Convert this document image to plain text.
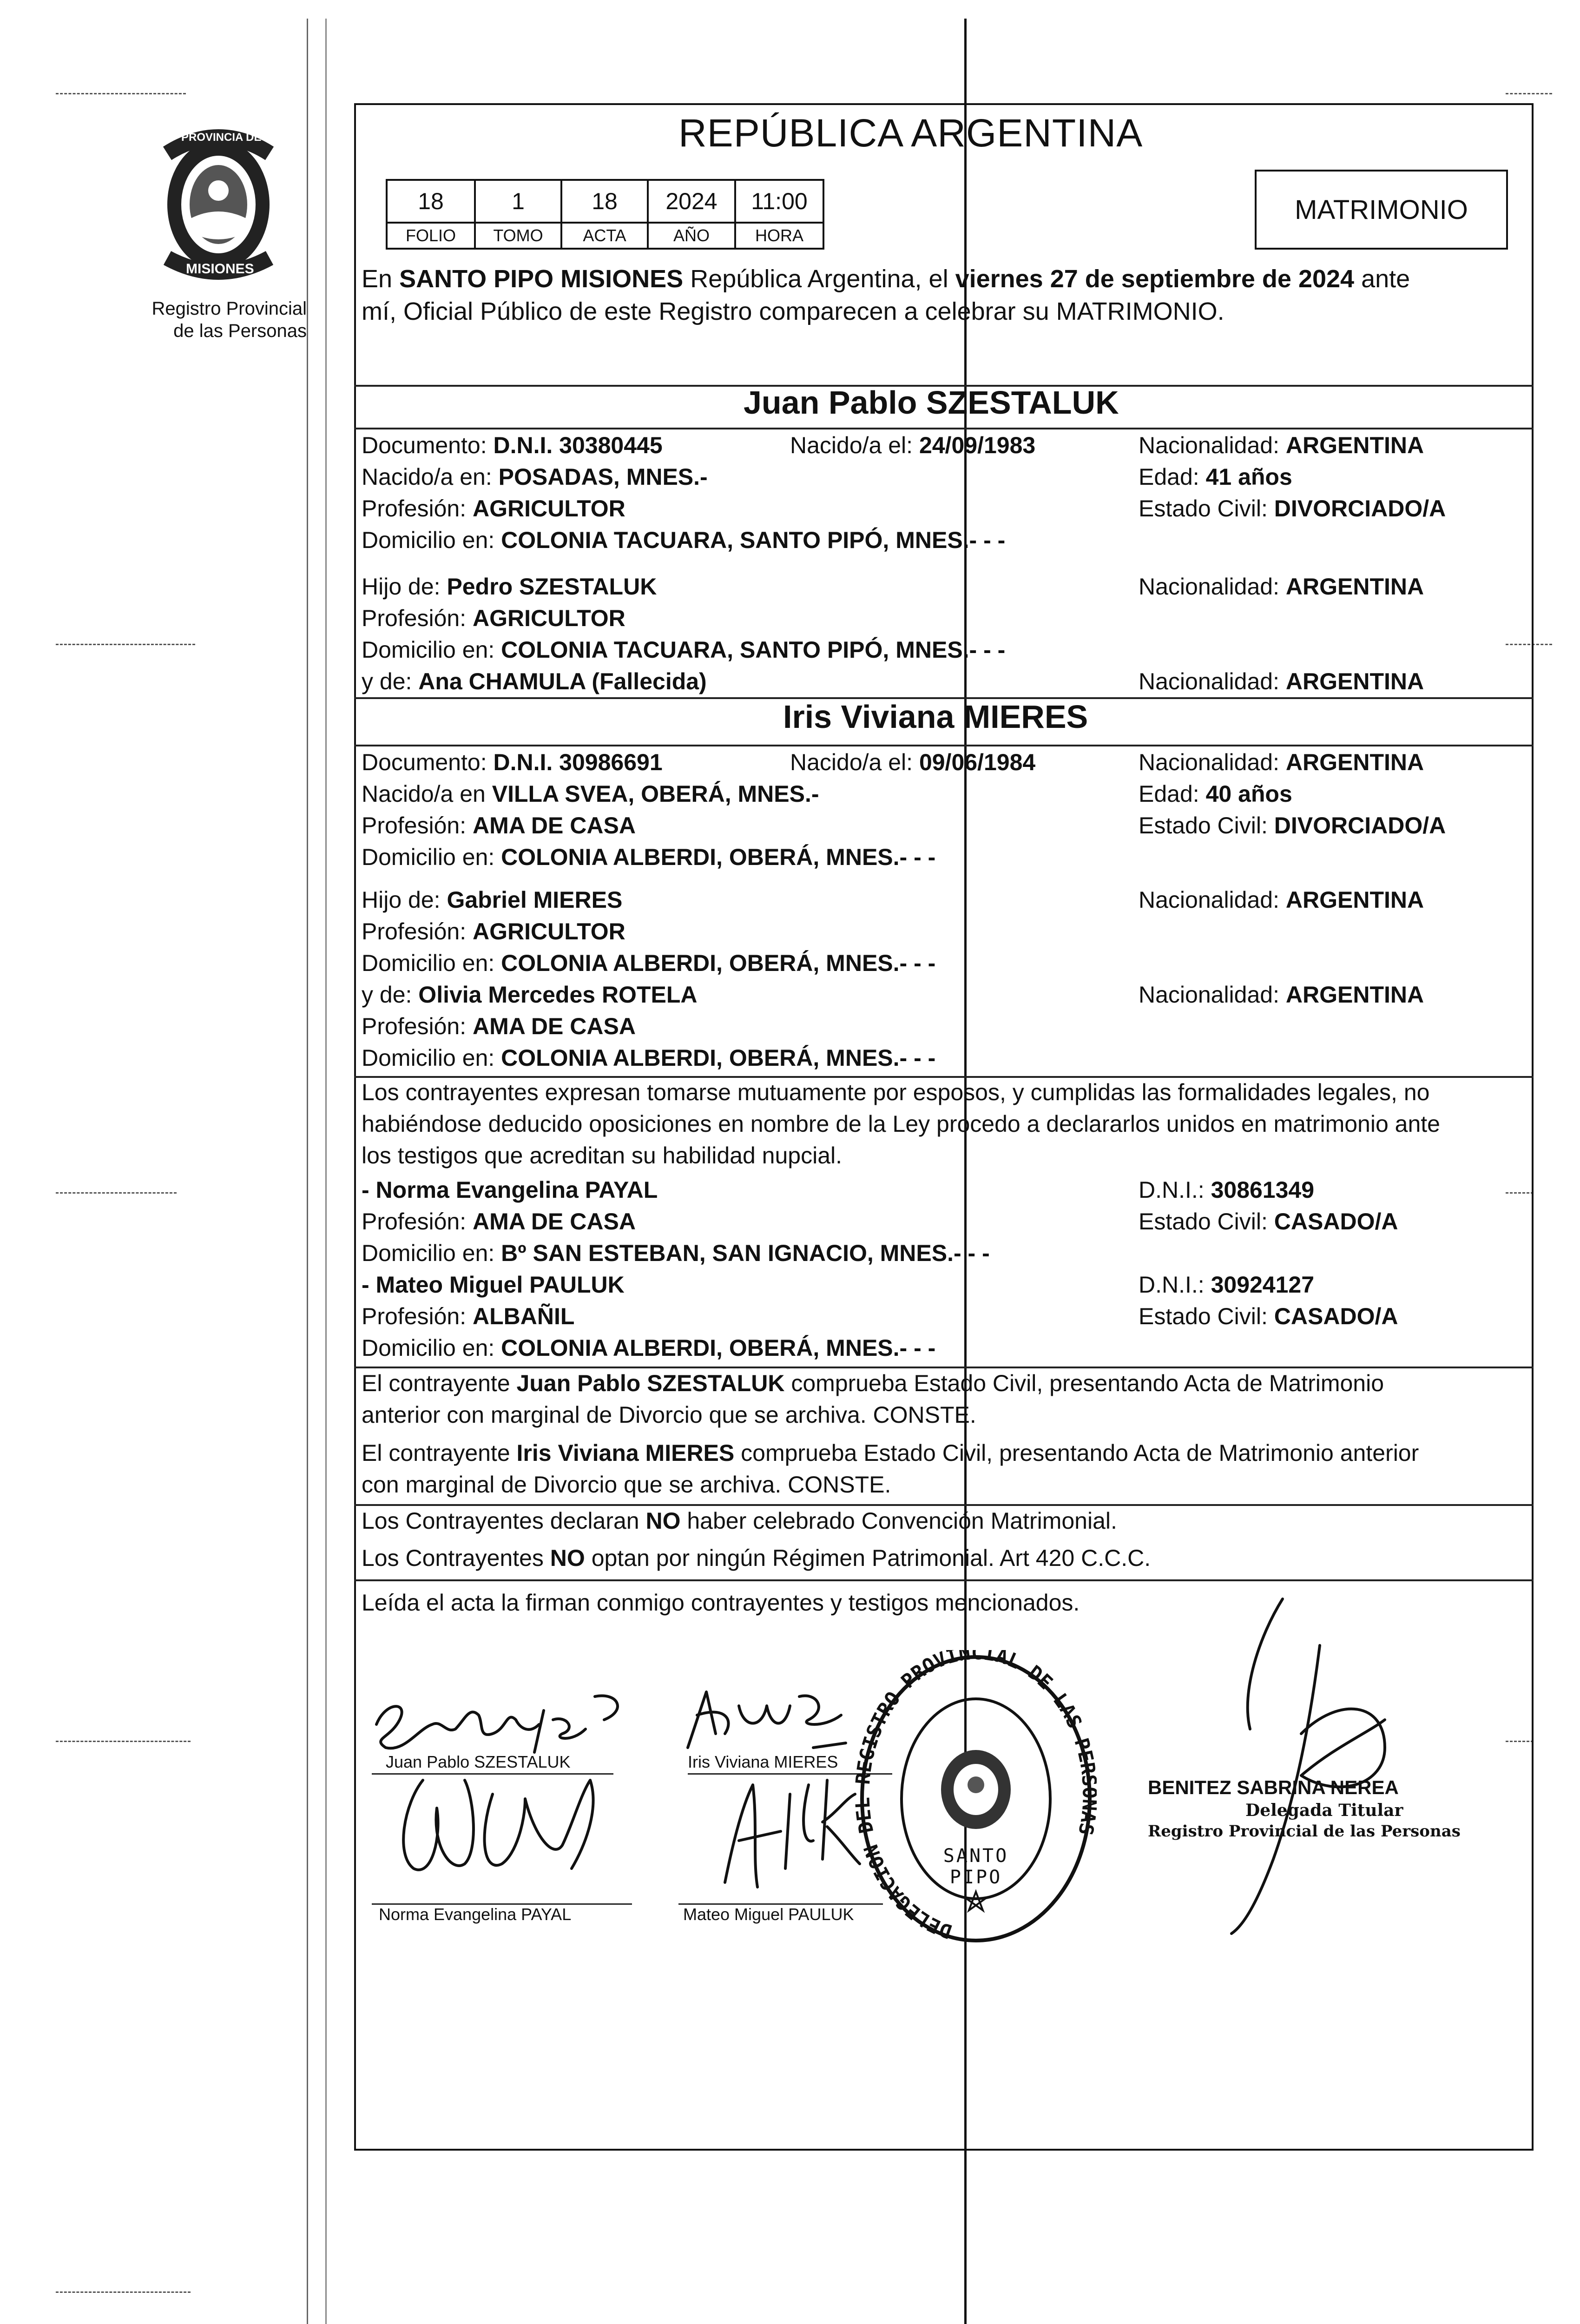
PROVINCIA DE
MISIONES
Registro Provincial
de las Personas
REPÚBLICA ARGENTINA
18	1	18	2024	11:00
FOLIO	TOMO	ACTA	AÑO	HORA
MATRIMONIO
En SANTO PIPO MISIONES República Argentina, el viernes 27 de septiembre de 2024 ante
mí, Oficial Público de este Registro comparecen a celebrar su MATRIMONIO.
Juan Pablo SZESTALUK
Documento: D.N.I. 30380445	Nacido/a el: 24/09/1983	Nacionalidad: ARGENTINA
Nacido/a en: POSADAS, MNES.-	Edad: 41 años
Profesión: AGRICULTOR	Estado Civil: DIVORCIADO/A
Domicilio en: COLONIA TACUARA, SANTO PIPÓ, MNES.- - -
Hijo de: Pedro SZESTALUK	Nacionalidad: ARGENTINA
Profesión: AGRICULTOR
Domicilio en: COLONIA TACUARA, SANTO PIPÓ, MNES.- - -
y de: Ana CHAMULA (Fallecida)	Nacionalidad: ARGENTINA
Iris Viviana MIERES
Documento: D.N.I. 30986691	Nacido/a el: 09/06/1984	Nacionalidad: ARGENTINA
Nacido/a en VILLA SVEA, OBERÁ, MNES.-	Edad: 40 años
Profesión: AMA DE CASA	Estado Civil: DIVORCIADO/A
Domicilio en: COLONIA ALBERDI, OBERÁ, MNES.- - -
Hijo de: Gabriel MIERES	Nacionalidad: ARGENTINA
Profesión: AGRICULTOR
Domicilio en: COLONIA ALBERDI, OBERÁ, MNES.- - -
y de: Olivia Mercedes ROTELA	Nacionalidad: ARGENTINA
Profesión: AMA DE CASA
Domicilio en: COLONIA ALBERDI, OBERÁ, MNES.- - -
Los contrayentes expresan tomarse mutuamente por esposos, y cumplidas las formalidades legales, no
habiéndose deducido oposiciones en nombre de la Ley procedo a declararlos unidos en matrimonio ante
los testigos que acreditan su habilidad nupcial.
- Norma Evangelina PAYAL	D.N.I.: 30861349
Profesión: AMA DE CASA	Estado Civil: CASADO/A
Domicilio en: Bº SAN ESTEBAN, SAN IGNACIO, MNES.- - -
- Mateo Miguel PAULUK	D.N.I.: 30924127
Profesión: ALBAÑIL	Estado Civil: CASADO/A
Domicilio en: COLONIA ALBERDI, OBERÁ, MNES.- - -
El contrayente Juan Pablo SZESTALUK comprueba Estado Civil, presentando Acta de Matrimonio
anterior con marginal de Divorcio que se archiva. CONSTE.
El contrayente Iris Viviana MIERES comprueba Estado Civil, presentando Acta de Matrimonio anterior
con marginal de Divorcio que se archiva. CONSTE.
Los Contrayentes declaran NO haber celebrado Convención Matrimonial.
Los Contrayentes NO optan por ningún Régimen Patrimonial. Art 420 C.C.C.
Leída el acta la firman conmigo contrayentes y testigos mencionados.
Juan Pablo SZESTALUK	Iris Viviana MIERES
Norma Evangelina PAYAL	Mateo Miguel PAULUK
DELEGACION D GISTRO PROVINCIAL DE LAS PE S
SANTO PIPO
BENITEZ SABRINA NEREA
Delegada Titular
Registro Provincial de las Personas
